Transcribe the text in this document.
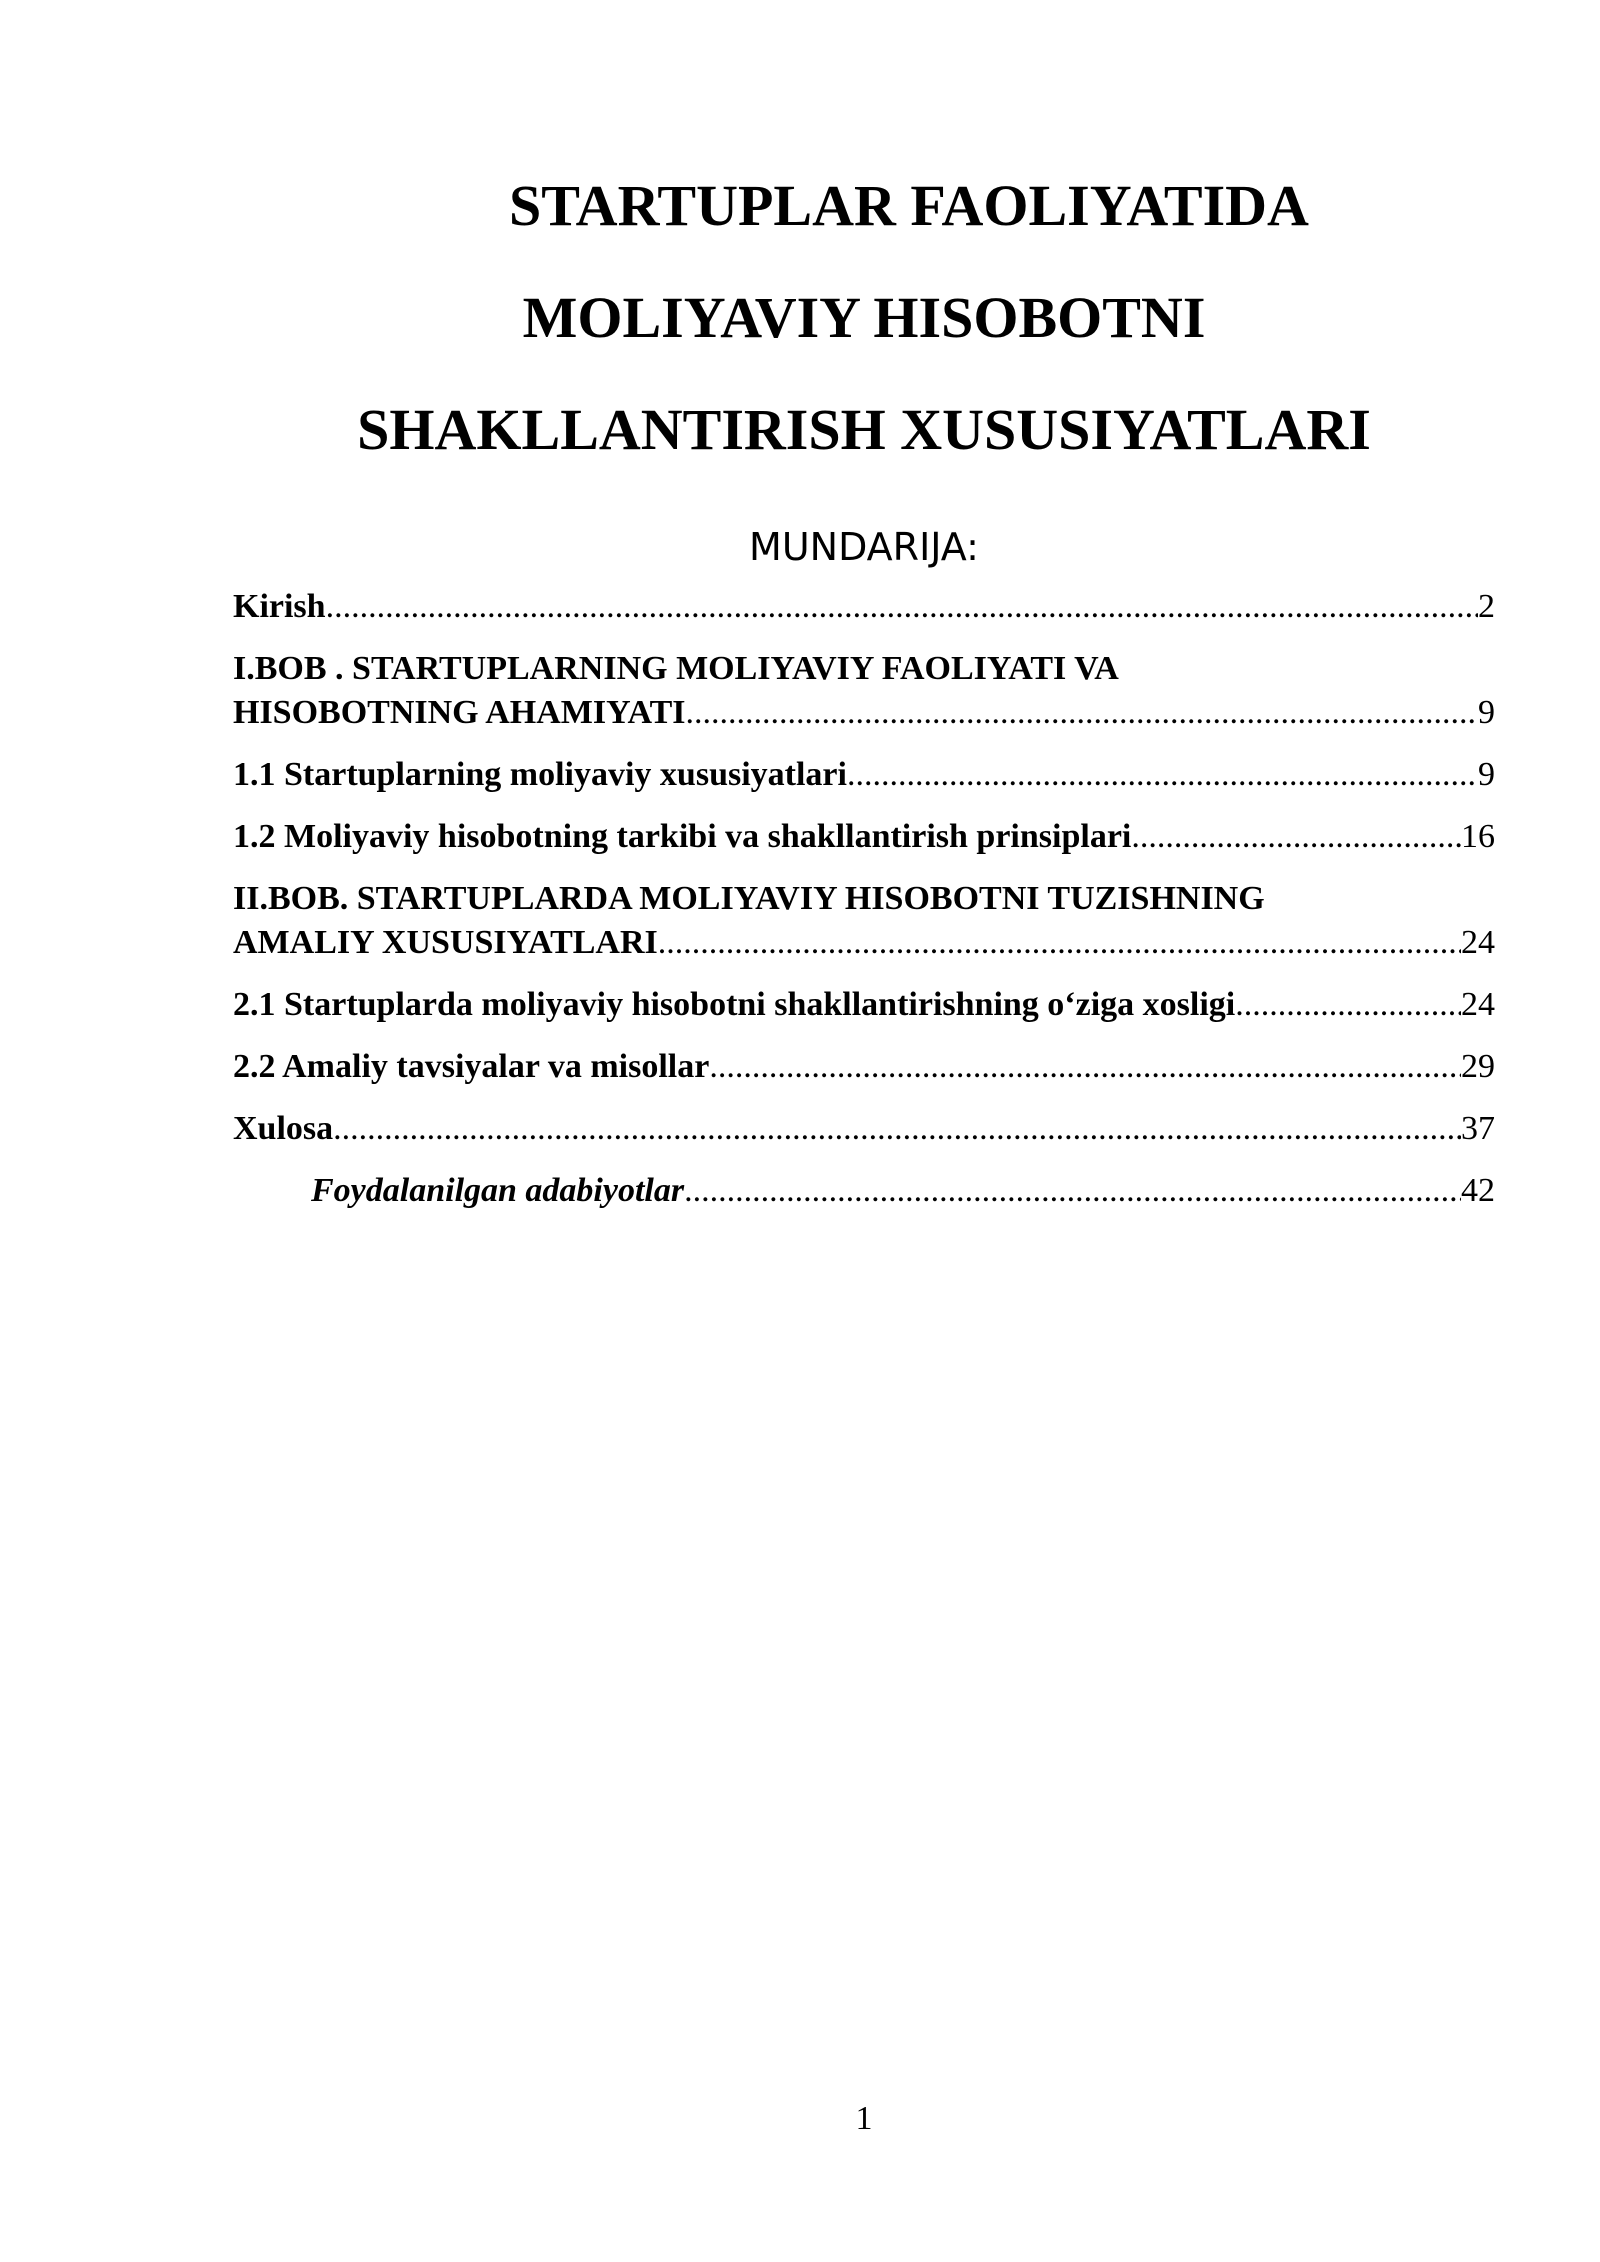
STARTUPLAR FAOLIYATIDA
MOLIYAVIY HISOBOTNI
SHAKLLANTIRISH XUSUSIYATLARI
MUNDARIJA:
Kirish .....	2
I.BOB . STARTUPLARNING MOLIYAVIY FAOLIYATI VA
HISOBOTNING AHAMIYATI .....	9
1.1 Startuplarning moliyaviy xususiyatlari .....	9
1.2 Moliyaviy hisobotning tarkibi va shakllantirish prinsiplari .....	16
II.BOB. STARTUPLARDA MOLIYAVIY HISOBOTNI TUZISHNING
AMALIY XUSUSIYATLARI .....	24
2.1 Startuplarda moliyaviy hisobotni shakllantirishning o‘ziga xosligi .....	24
2.2 Amaliy tavsiyalar va misollar .....	29
Xulosa .....	37
Foydalanilgan adabiyotlar .....	42
1
